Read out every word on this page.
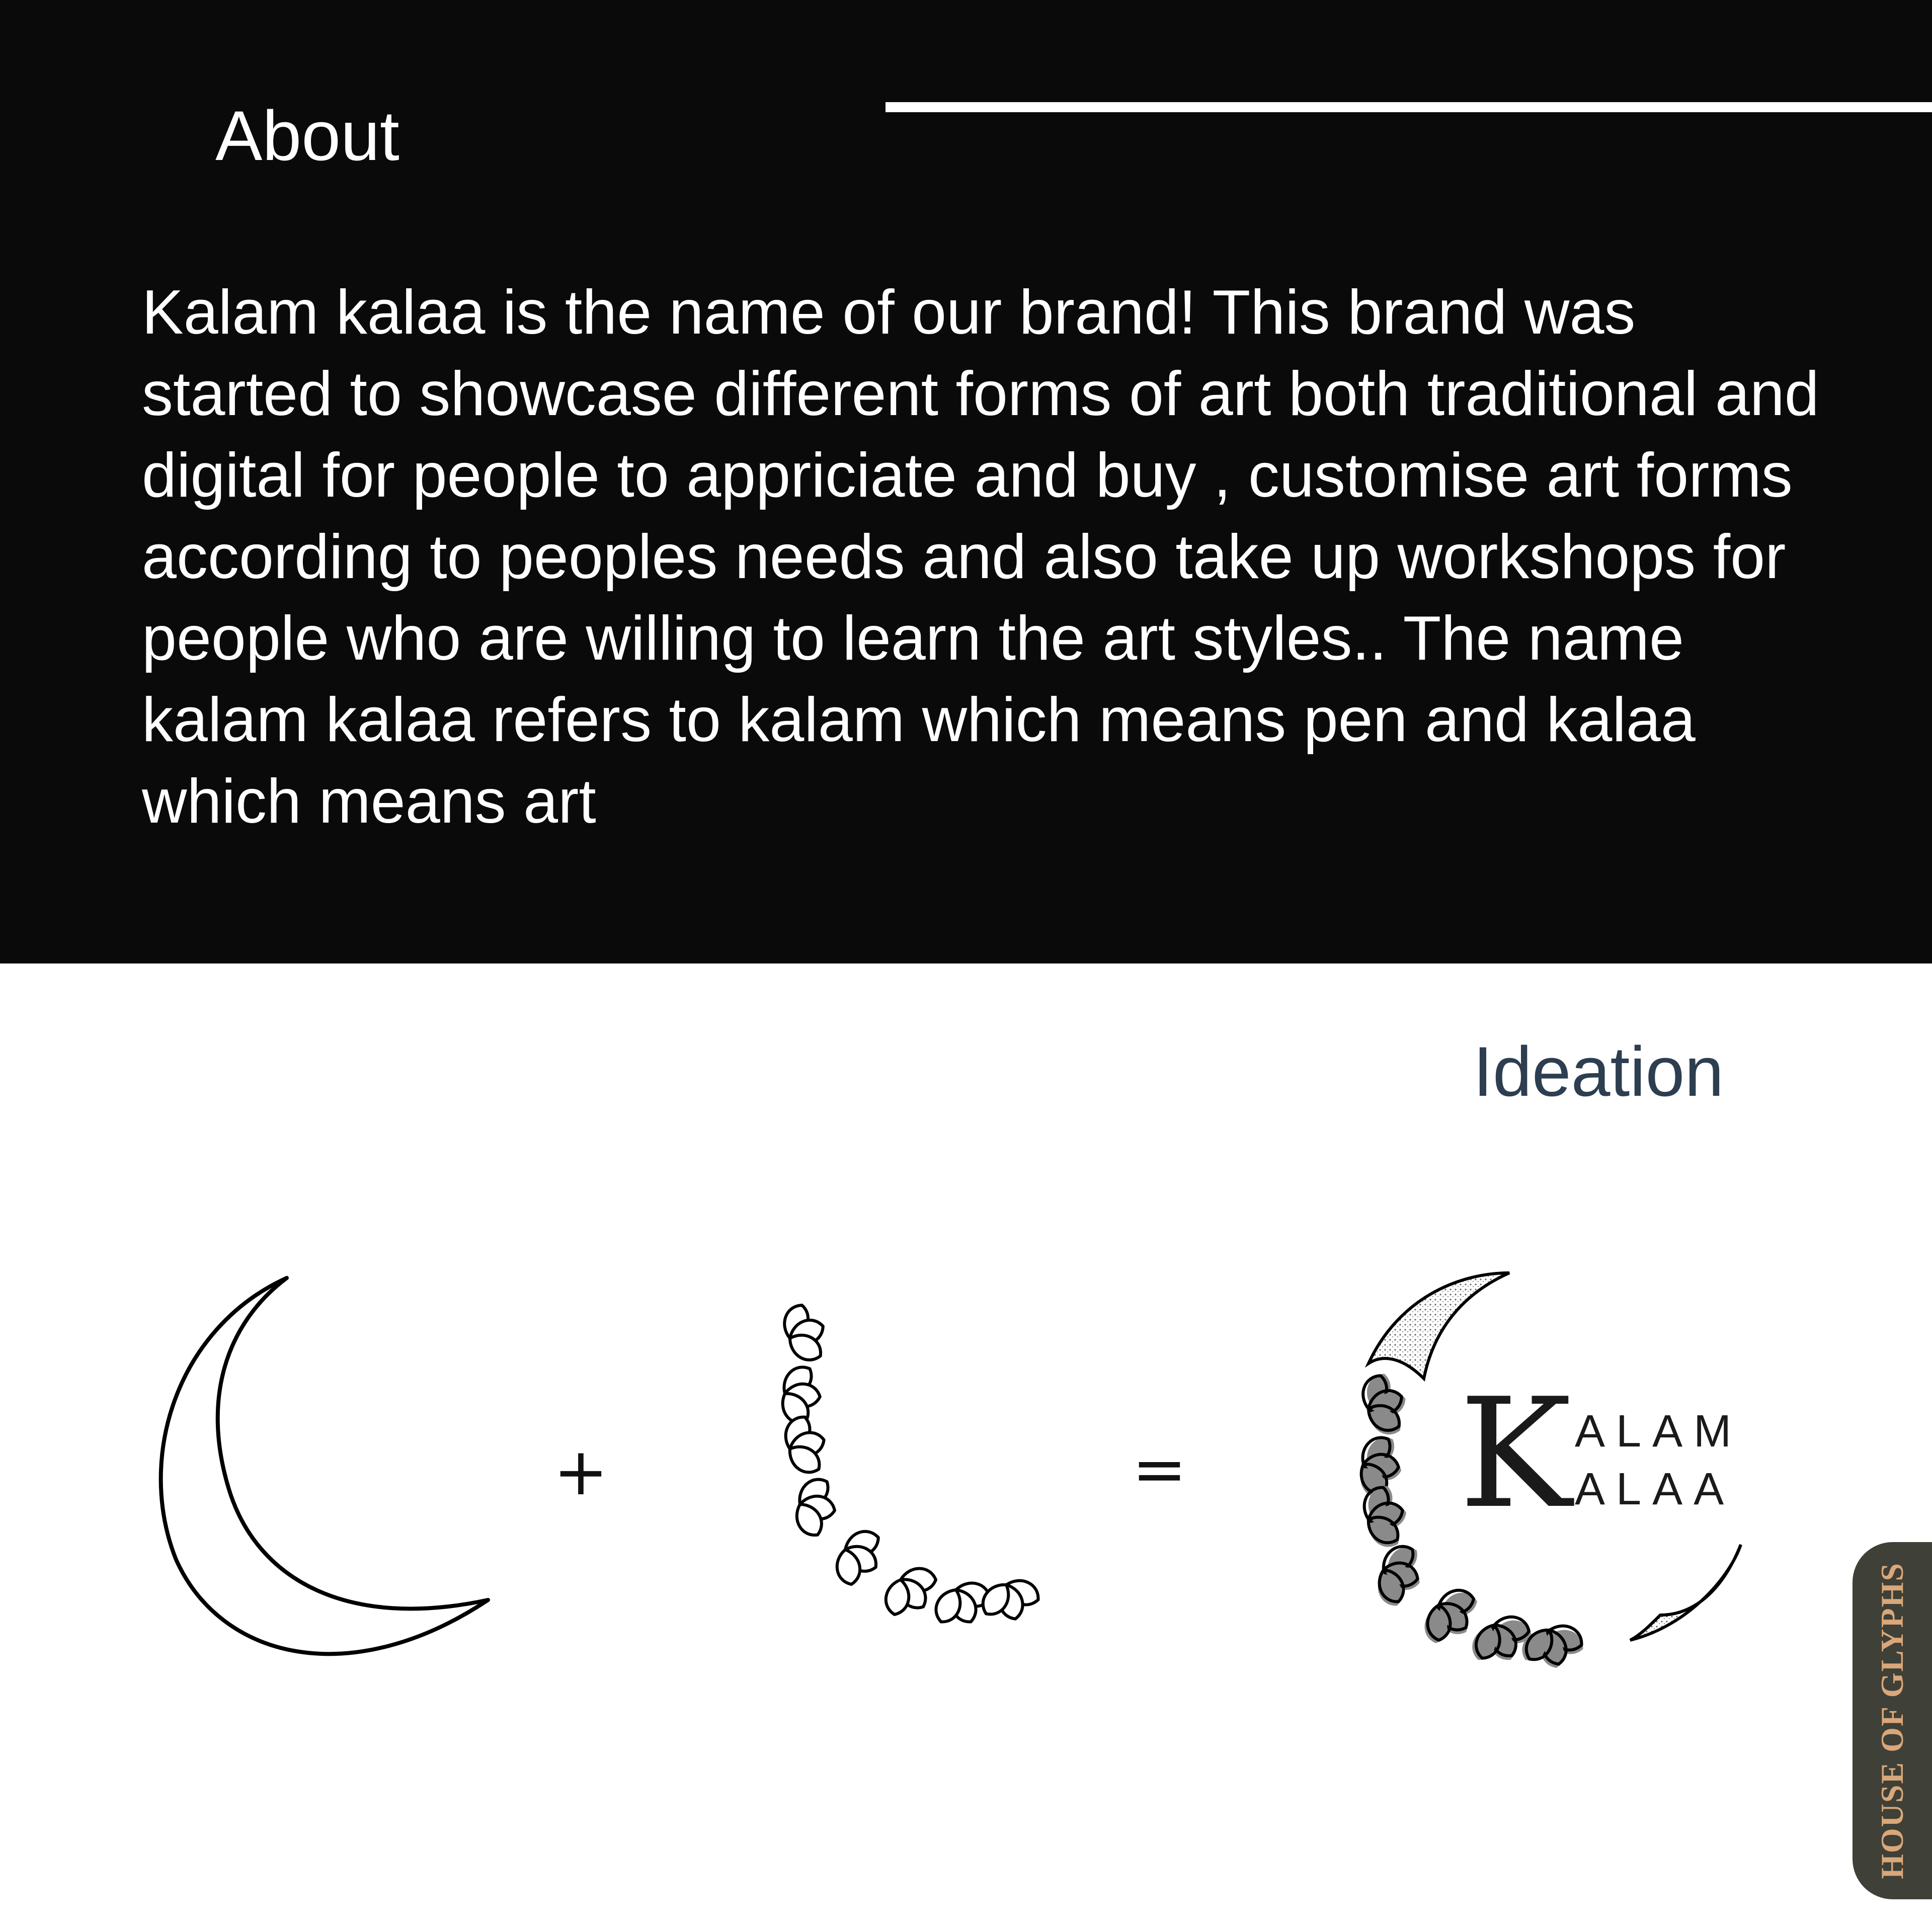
About

Kalam kalaa is the name of our brand! This brand was started to showcase different forms of art both traditional and digital for people to appriciate and buy , customise art forms according to peoples needs and also take up workshops for people who are willing to learn the art styles.. The name kalam kalaa refers to kalam which means pen and kalaa which means art

Ideation
+	= K ALAM
ALAA
HOUSE OF GLYPHS
